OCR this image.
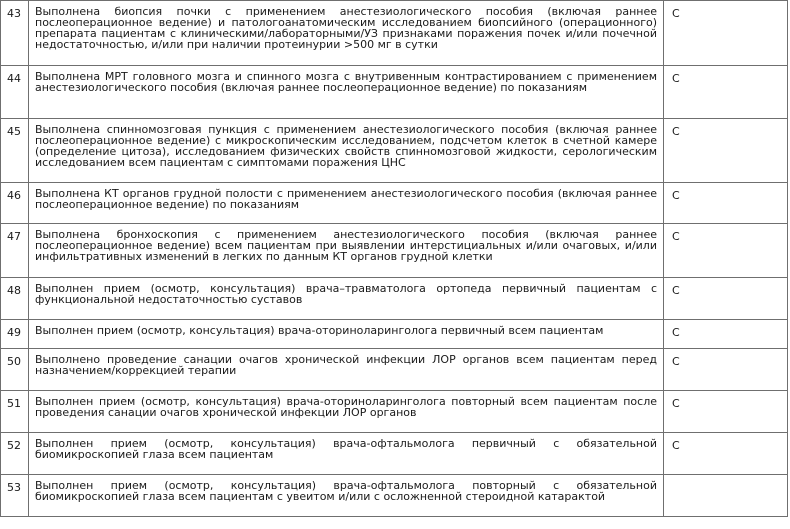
43	Выполнена биопсия почки с применением анестезиологического пособия (включая раннее послеоперационное ведение) и патологоанатомическим исследованием биопсийного (операционного) препарата пациентам с клиническими/лабораторными/УЗ признаками поражения почек и/или почечной недостаточностью, и/или при наличии протеинурии >500 мг в сутки	С
44	Выполнена МРТ головного мозга и спинного мозга с внутривенным контрастированием с применением анестезиологического пособия (включая раннее послеоперационное ведение) по показаниям	С
45	Выполнена спинномозговая пункция с применением анестезиологического пособия (включая раннее послеоперационное ведение) с микроскопическим исследованием, подсчетом клеток в счетной камере (определение цитоза), исследованием физических свойств спинномозговой жидкости, серологическим исследованием всем пациентам с симптомами поражения ЦНС	С
46	Выполнена КТ органов грудной полости с применением анестезиологического пособия (включая раннее послеоперационное ведение) по показаниям	С
47	Выполнена бронхоскопия с применением анестезиологического пособия (включая раннее послеоперационное ведение) всем пациентам при выявлении интерстициальных и/или очаговых, и/или инфильтративных изменений в легких по данным КТ органов грудной клетки	С
48	Выполнен прием (осмотр, консультация) врача–травматолога ортопеда первичный пациентам с функциональной недостаточностью суставов	С
49	Выполнен прием (осмотр, консультация) врача-оториноларинголога первичный всем пациентам	С
50	Выполнено проведение санации очагов хронической инфекции ЛОР органов всем пациентам перед назначением/коррекцией терапии	С
51	Выполнен прием (осмотр, консультация) врача-оториноларинголога повторный всем пациентам после проведения санации очагов хронической инфекции ЛОР органов	С
52	Выполнен прием (осмотр, консультация) врача-офтальмолога первичный с обязательной биомикроскопией глаза всем пациентам	С
53	Выполнен прием (осмотр, консультация) врача-офтальмолога повторный с обязательной биомикроскопией глаза всем пациентам с увеитом и/или с осложненной стероидной катарактой	
